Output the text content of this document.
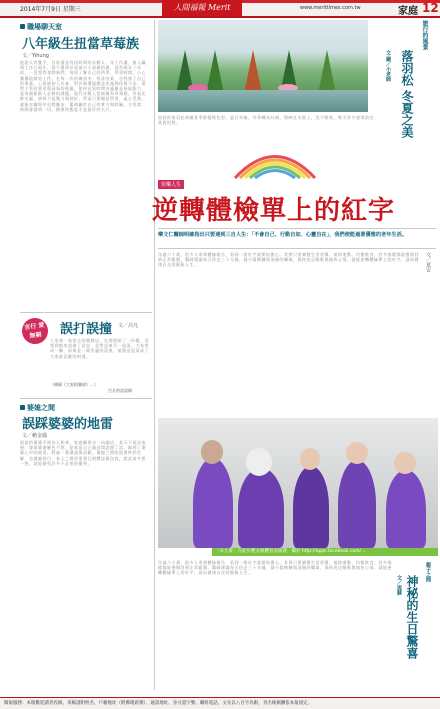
2014年7月9日 星期三	人間福報 Merit	www.merittimes.com.tw	家庭 12
職場聊天室
八年級生扭當草莓族
文／Yihung
他說人有雙手，目前還是有段時間的年輕人，年工作讓，進入職場工作已兩年，從不遲到早退卻小小事務的做，這些兩年三年的，一直想我發問新問，每項了解自己的所學，學習時間，小心翼翼地開始工作，在每一次的練習中，找尋答案，也找到了自己的專業。上班族初入社會，對於新環境總是充滿期待與不安，面對主管的要求與同事的相處，如何在短時間內適應並展現能力，是每個新鮮人必修的課題。現代年輕人常被稱為草莓族，外表光鮮亮麗，卻經不起壓力與挫折，然而只要願意學習、虛心受教，就能在職場中站穩腳步，累積屬於自己的實力與經驗。主管說：時間會證明一切，踏實的態度才是最好的名片。
言行 愛無窮	誤打誤撞 文／呂凡
大家到一家常去的簡餐店，在那裡點了一份餐，沒想到廚房誤會了意思，竟然送來另一道菜，大家笑成一團，原來是一場美麗的誤會，最後這道菜成了大家最喜歡的料理。
（摘錄《大家俱樂部》…）
呂凡的話語錄
婆媳之間
誤踩婆婆的地雷
文／賴金鳳
阿富的婆婆平時待人和善，家庭關係也一向融洽，某天下班回家後，發現婆婆臉色不對，原來是自己無意間說錯了話，踩到了婆婆心中的地雷。經過一番溝通與道歉，婆媳之間的誤會終於化解，也讓她明白，家人之間更需要互相體諒與包容，說話前多想一想，就能避免許多不必要的衝突。
旅行的風景
落羽松 冬夏之美
文‧圖／小老師
南投的落羽松林隨著季節變換色彩，夏日翠綠，冬季轉為紅褐，倒映在水面上，美不勝收，吸引許多遊客前往欣賞拍照。
快樂人生
逆轉體檢單上的紅字
樂文仁醫師明確指出只要達到三自人生：「不會自己、行動自如、心靈自在」，我們便能過著優雅的老年生活。
文／夏安
年過六十歲，很多人拿到體檢報告，看到一排紅字就開始擔心。其實只要調整生活習慣、規律運動、均衡飲食，許多指標都能慢慢回到正常範圍。醫師建議每天快走三十分鐘，減少精緻糖與油脂的攝取，保持充足睡眠與愉快心情，就能逆轉體檢單上的紅字，迎向健康自在的銀髮人生。
「永元會」在此年輕女組體育表演會，攝於 http://apps.facebook.com/...
年過六十歲，很多人拿到體檢報告，看到一排紅字就開始擔心。其實只要調整生活習慣、規律運動、均衡飲食，許多指標都能慢慢回到正常範圍。醫師建議每天快走三十分鐘，減少精緻糖與油脂的攝取，保持充足睡眠與愉快心情，就能逆轉體檢單上的紅字，迎向健康自在的銀髮人生。	親子之間
神秘的生日驚喜
文／流蘇
閱報服務：本版歡迎讀者投稿，來稿請附姓名、戶籍地址（附郵遞區號）、通訊地址、身分證字號、聯絡電話，文長以八百字為限，刊出後稿酬依本報規定。
